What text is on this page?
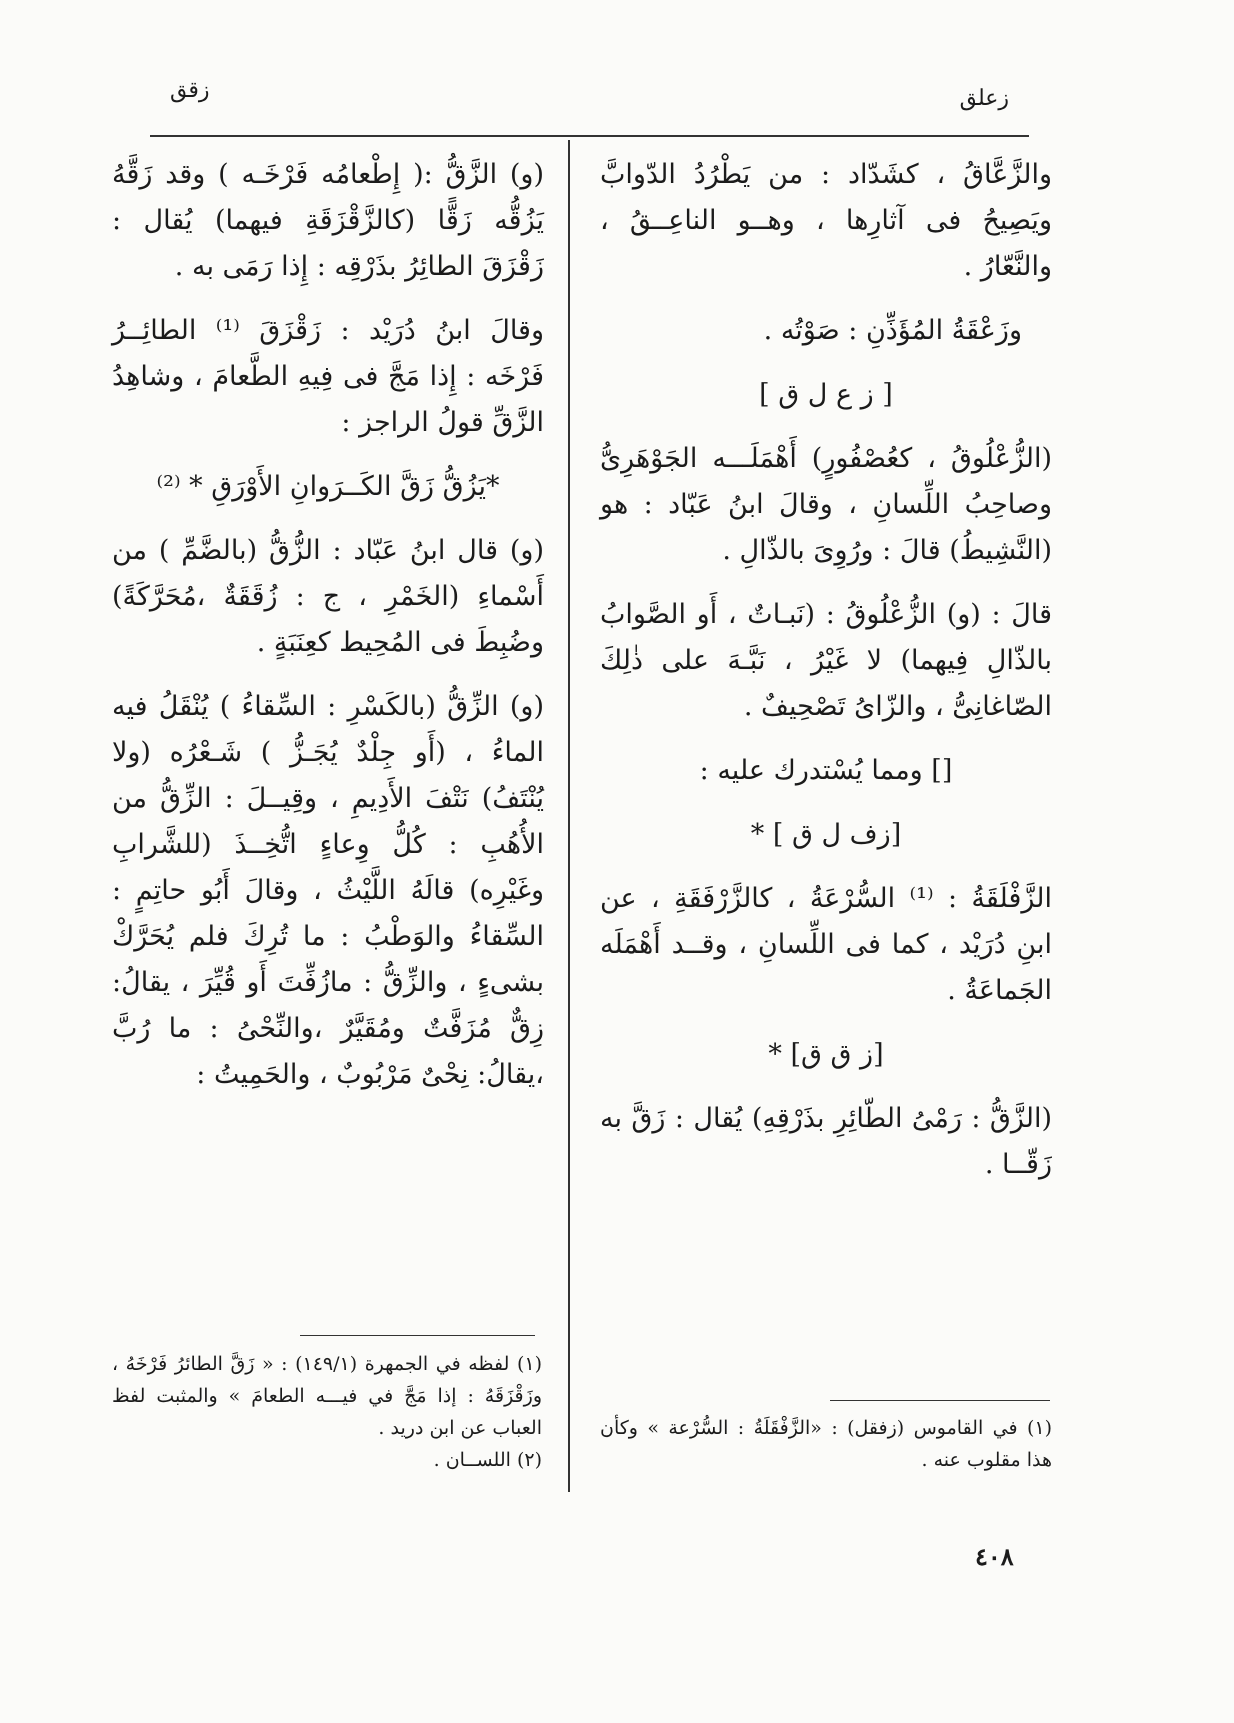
زعلق
زقق

والزَّعَّاقُ ، كشَدّاد : من يَطْرُدُ الدّوابَّ ويَصِيحُ فى آثارِها ، وهــو الناعِــقُ ، والنَّعّارُ .

وزَعْقَةُ المُؤَذِّنِ : صَوْتُه .

[ ز ع ل ق ]

(الزُّعْلُوقُ ، كعُصْفُورٍ) أَهْمَلَـــه الجَوْهَرِىُّ وصاحِبُ اللِّسانِ ، وقالَ ابنُ عَبّاد : هو (النَّشِيطُ) قالَ : ورُوِىَ بالذّالِ .

قالَ : (و) الزُّعْلُوقُ : (نَبـاتٌ ، أَو الصَّوابُ بالذّالِ فِيهما) لا غَيْرُ ، نَبَّـهَ على ذٰلِكَ الصّاغانِىُّ ، والزّاىُ تَصْحِيفٌ .

[] ومما يُسْتدرك عليه :

[زف ل ق ] *

الزَّفْلَقَةُ : ⁽¹⁾ السُّرْعَةُ ، كالزَّرْفَقَةِ ، عن ابنِ دُرَيْد ، كما فى اللِّسانِ ، وقــد أَهْمَلَه الجَماعَةُ .

[ز ق ق] *

(الزَّقُّ : رَمْىُ الطّائِرِ بذَرْقِهِ) يُقال : زَقَّ به زَقّــا .

(و) الزَّقُّ :( إِطْعامُه فَرْخَـه ) وقد زَقَّهُ يَزُقُّه زَقًّا (كالزَّقْزَقَةِ فيهما) يُقال : زَقْزَقَ الطائِرُ بذَرْقِه : إِذا رَمَى به .

وقالَ ابنُ دُرَيْد : زَقْزَقَ ⁽¹⁾ الطائِــرُ فَرْخَه : إِذا مَجَّ فى فِيهِ الطَّعامَ ، وشاهِدُ الزَّقِّ قولُ الراجز :

*يَزُقُّ زَقَّ الكَــرَوانِ الأَوْرَقِ * ⁽²⁾

(و) قال ابنُ عَبّاد : الزُّقُّ (بالضَّمِّ ) من أَسْماءِ (الخَمْرِ ، ج : زُقَقَةٌ ،مُحَرَّكَةً) وضُبِطَ فى المُحِيط كعِنَبَةٍ .

(و) الزِّقُّ (بالكَسْرِ : السِّقاءُ ) يُنْقَلُ فيه الماءُ ، (أَو جِلْدٌ يُجَـزُّ ) شَـعْرُه (ولا يُنْتَفُ) نَتْفَ الأَدِيمِ ، وقِيــلَ : الزِّقُّ من الأُهُبِ : كُلُّ وِعاءٍ اتُّخِــذَ (للشَّرابِ وغَيْرِه) قالَهُ اللَّيْثُ ، وقالَ أَبُو حاتِمٍ : السِّقاءُ والوَطْبُ : ما تُرِكَ فلم يُحَرَّكْ بشىءٍ ، والزِّقُّ : مازُفِّتَ أَو قُيِّرَ ، يقالُ: زِقٌّ مُزَفَّتٌ ومُقَيَّرٌ ،والنِّحْىُ : ما رُبَّ ،يقالُ: نِحْىٌ مَرْبُوبٌ ، والحَمِيتُ :

(١) لفظه في الجمهرة (١٤٩/١) : « زَقَّ الطائرُ فَرْخَهُ ، وزَقْزَقَهُ : إذا مَجَّ في فيـــه الطعامَ » والمثبت لفظ العباب عن ابن دريد .

(٢) اللســان .

(١) في القاموس (زفقل) : «الزَّفْقَلَةُ : السُّرْعة » وكأن هذا مقلوب عنه .

٤٠٨
